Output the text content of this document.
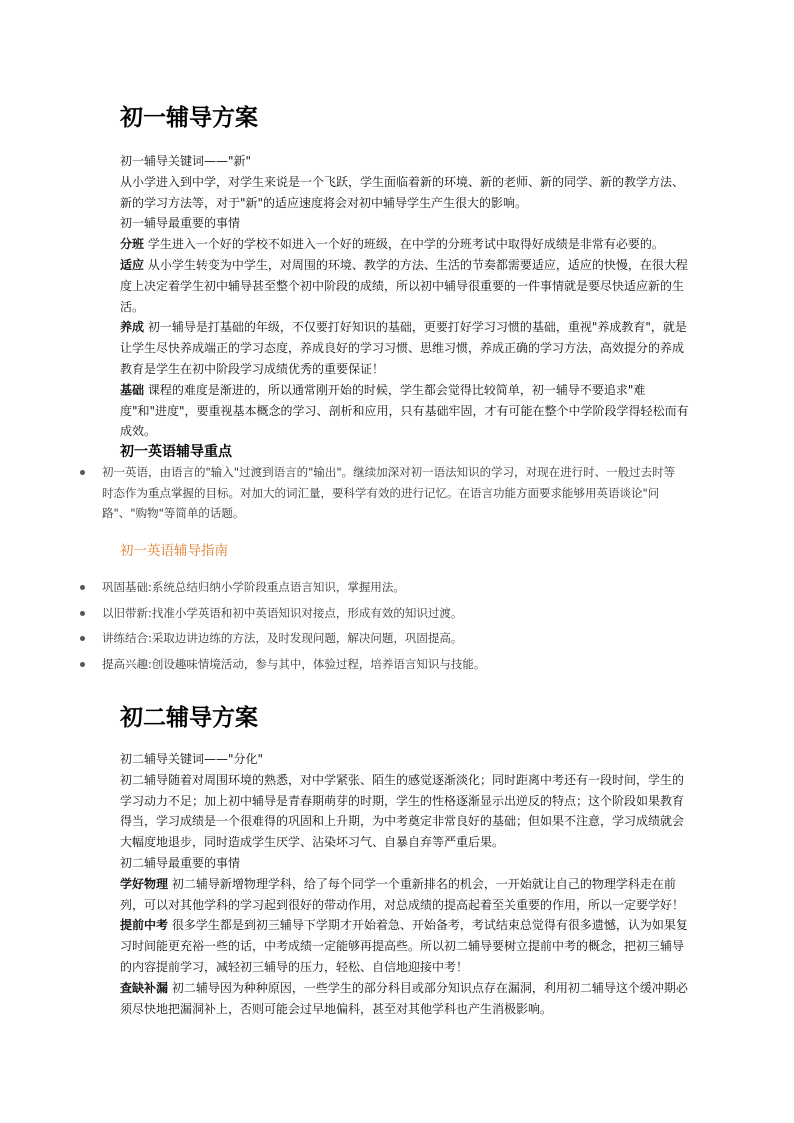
初一辅导方案

初一辅导关键词——"新"

从小学进入到中学，对学生来说是一个飞跃，学生面临着新的环境、新的老师、新的同学、新的教学方法、新的学习方法等，对于"新"的适应速度将会对初中辅导学生产生很大的影响。

初一辅导最重要的事情

分班 学生进入一个好的学校不如进入一个好的班级，在中学的分班考试中取得好成绩是非常有必要的。

适应 从小学生转变为中学生，对周围的环境、教学的方法、生活的节奏都需要适应，适应的快慢，在很大程度上决定着学生初中辅导甚至整个初中阶段的成绩，所以初中辅导很重要的一件事情就是要尽快适应新的生活。

养成 初一辅导是打基础的年级，不仅要打好知识的基础，更要打好学习习惯的基础，重视"养成教育"，就是让学生尽快养成端正的学习态度，养成良好的学习习惯、思维习惯，养成正确的学习方法，高效提分的养成教育是学生在初中阶段学习成绩优秀的重要保证！

基础 课程的难度是渐进的，所以通常刚开始的时候，学生都会觉得比较简单，初一辅导不要追求"难度"和"进度"，要重视基本概念的学习、剖析和应用，只有基础牢固，才有可能在整个中学阶段学得轻松而有成效。

初一英语辅导重点
初一英语，由语言的"输入"过渡到语言的"输出"。继续加深对初一语法知识的学习，对现在进行时、一般过去时等时态作为重点掌握的目标。对加大的词汇量，要科学有效的进行记忆。在语言功能方面要求能够用英语谈论"问路"、"购物"等简单的话题。

初一英语辅导指南

巩固基础:系统总结归纳小学阶段重点语言知识，掌握用法。
以旧带新:找准小学英语和初中英语知识对接点，形成有效的知识过渡。
讲练结合:采取边讲边练的方法，及时发现问题，解决问题，巩固提高。
提高兴趣:创设趣味情境活动，参与其中，体验过程，培养语言知识与技能。
初二辅导方案

初二辅导关键词——"分化"

初二辅导随着对周围环境的熟悉，对中学紧张、陌生的感觉逐渐淡化；同时距离中考还有一段时间，学生的学习动力不足；加上初中辅导是青春期萌芽的时期，学生的性格逐渐显示出逆反的特点；这个阶段如果教育得当，学习成绩是一个很难得的巩固和上升期，为中考奠定非常良好的基础；但如果不注意，学习成绩就会大幅度地退步，同时造成学生厌学、沾染坏习气、自暴自弃等严重后果。

初二辅导最重要的事情

学好物理 初二辅导新增物理学科，给了每个同学一个重新排名的机会，一开始就让自己的物理学科走在前列，可以对其他学科的学习起到很好的带动作用，对总成绩的提高起着至关重要的作用，所以一定要学好！

提前中考 很多学生都是到初三辅导下学期才开始着急、开始备考，考试结束总觉得有很多遗憾，认为如果复习时间能更充裕一些的话，中考成绩一定能够再提高些。所以初二辅导要树立提前中考的概念，把初三辅导的内容提前学习，减轻初三辅导的压力，轻松、自信地迎接中考！

查缺补漏 初二辅导因为种种原因，一些学生的部分科目或部分知识点存在漏洞，利用初二辅导这个缓冲期必须尽快地把漏洞补上，否则可能会过早地偏科，甚至对其他学科也产生消极影响。
